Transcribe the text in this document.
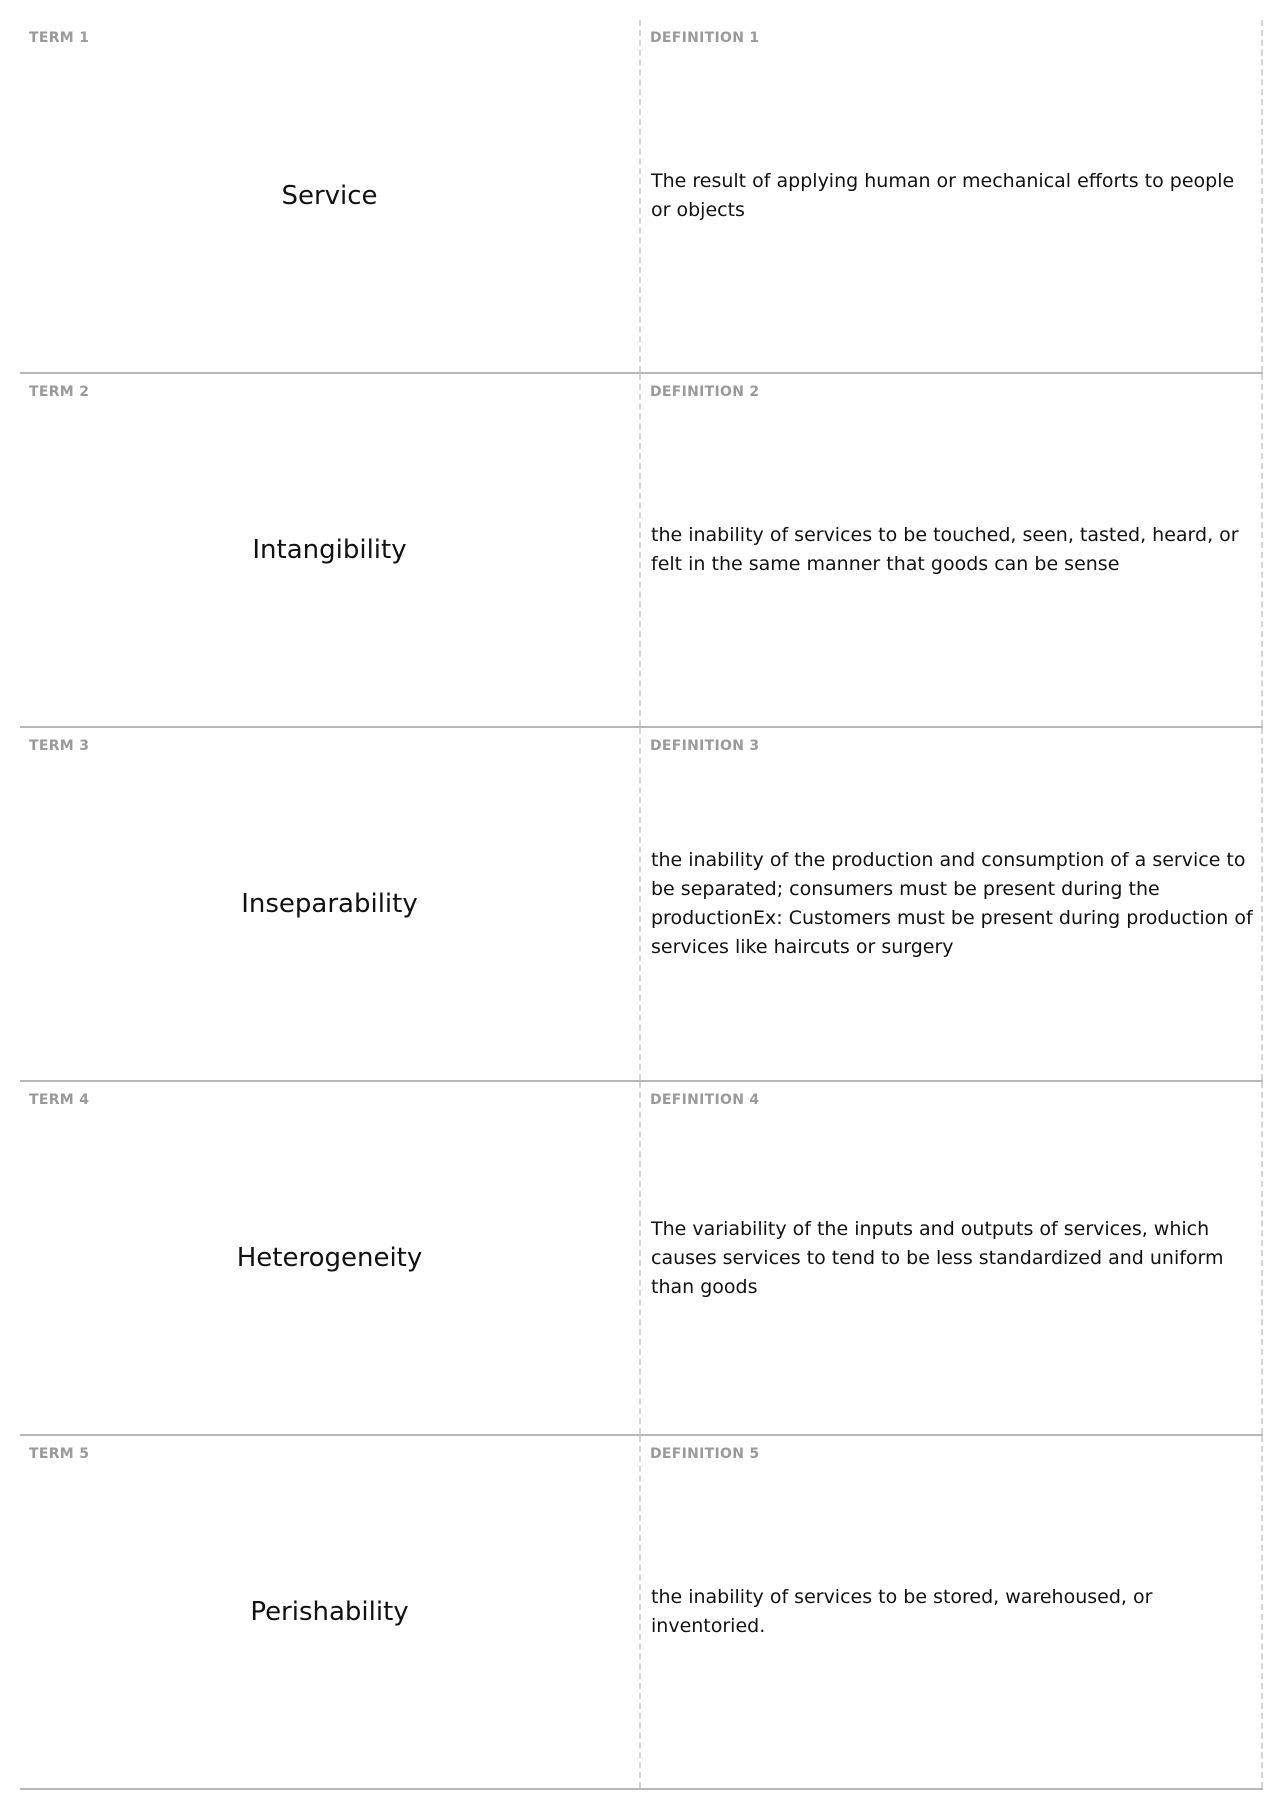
TERM 1
Service
DEFINITION 1
The result of applying human or mechanical efforts to people or objects
TERM 2
Intangibility
DEFINITION 2
the inability of services to be touched, seen, tasted, heard, or felt in the same manner that goods can be sense
TERM 3
Inseparability
DEFINITION 3
the inability of the production and consumption of a service to be separated; consumers must be present during the productionEx: Customers must be present during production of services like haircuts or surgery
TERM 4
Heterogeneity
DEFINITION 4
The variability of the inputs and outputs of services, which causes services to tend to be less standardized and uniform than goods
TERM 5
Perishability
DEFINITION 5
the inability of services to be stored, warehoused, or inventoried.
